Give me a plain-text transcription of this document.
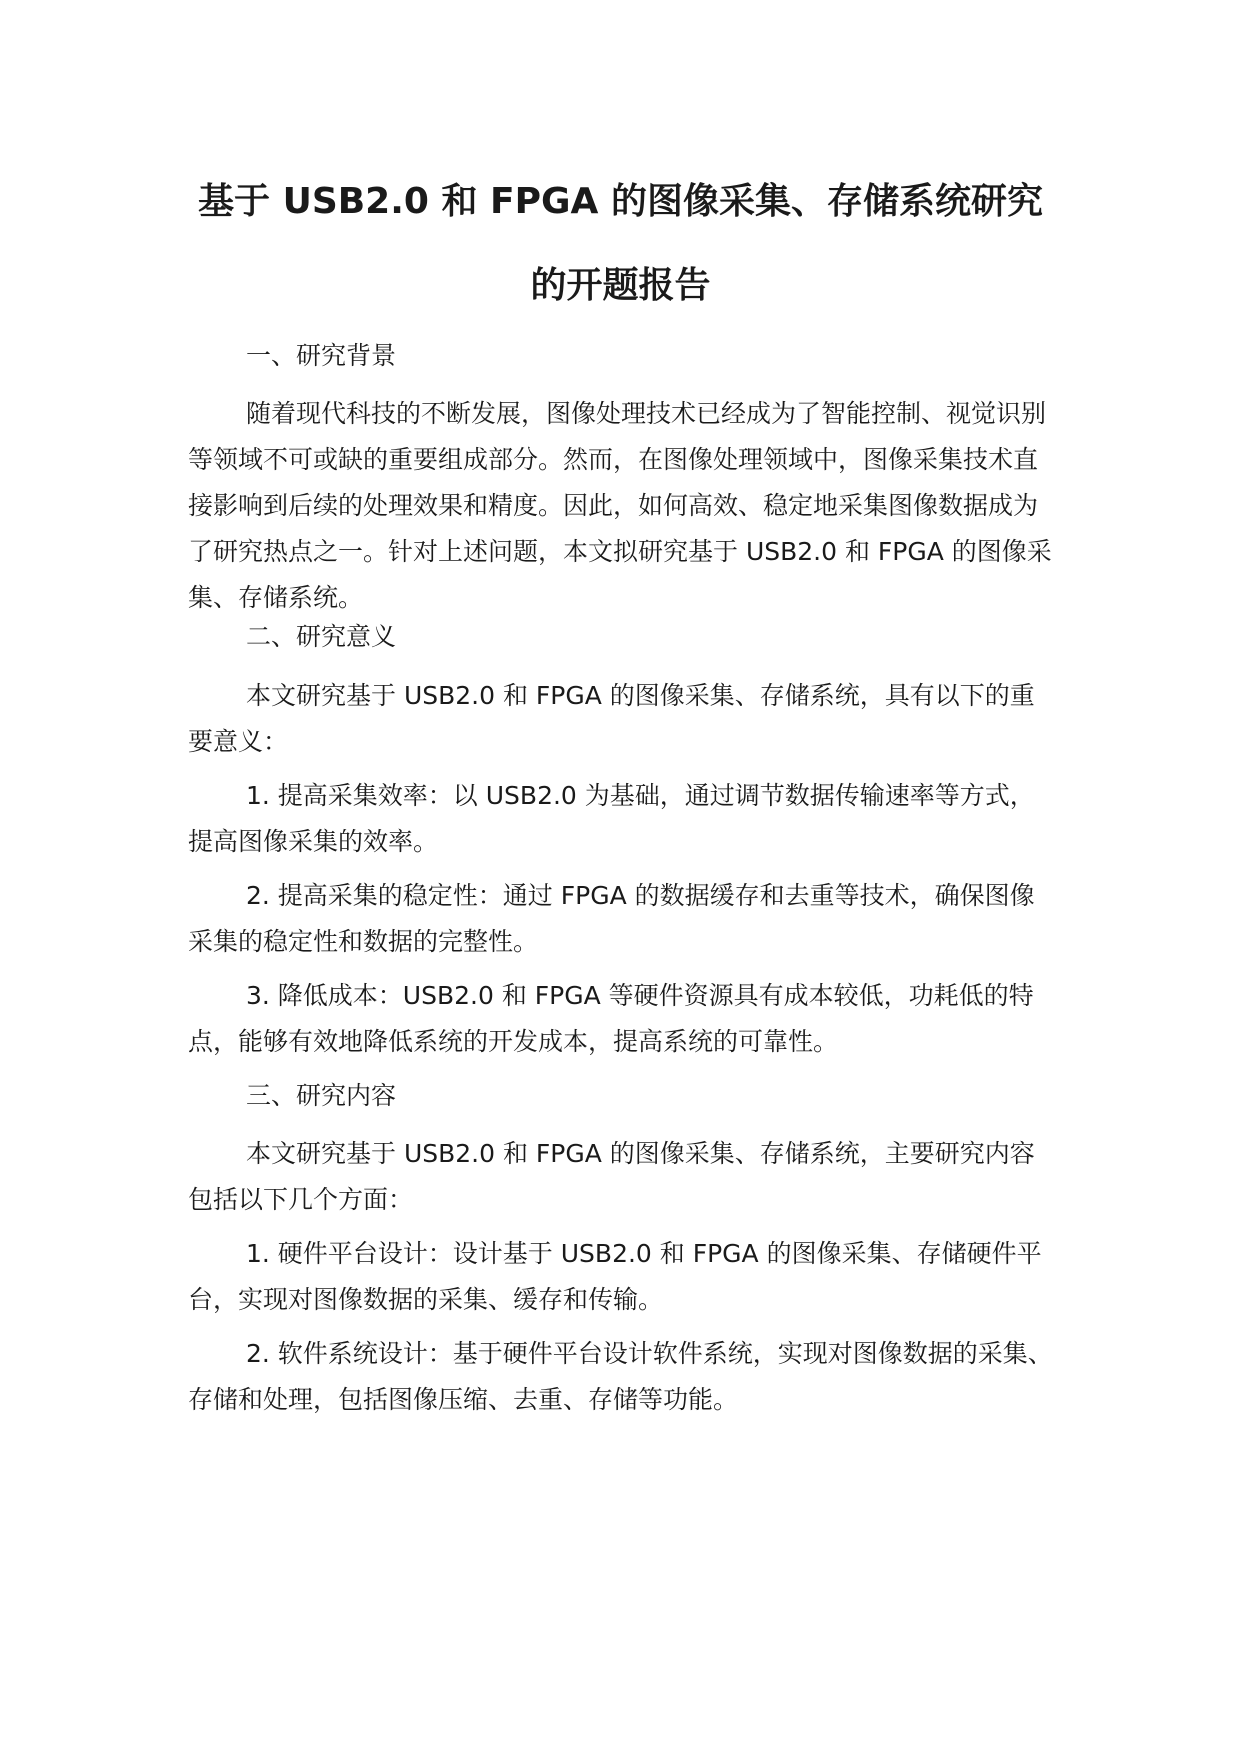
基于 USB2.0 和 FPGA 的图像采集、存储系统研究
的开题报告

一、研究背景

随着现代科技的不断发展，图像处理技术已经成为了智能控制、视觉识别等领域不可或缺的重要组成部分。然而，在图像处理领域中，图像采集技术直接影响到后续的处理效果和精度。因此，如何高效、稳定地采集图像数据成为了研究热点之一。针对上述问题，本文拟研究基于 USB2.0 和 FPGA 的图像采集、存储系统。

二、研究意义

本文研究基于 USB2.0 和 FPGA 的图像采集、存储系统，具有以下的重要意义：

1. 提高采集效率：以 USB2.0 为基础，通过调节数据传输速率等方式，提高图像采集的效率。

2. 提高采集的稳定性：通过 FPGA 的数据缓存和去重等技术，确保图像采集的稳定性和数据的完整性。

3. 降低成本：USB2.0 和 FPGA 等硬件资源具有成本较低，功耗低的特点，能够有效地降低系统的开发成本，提高系统的可靠性。

三、研究内容

本文研究基于 USB2.0 和 FPGA 的图像采集、存储系统，主要研究内容包括以下几个方面：

1. 硬件平台设计：设计基于 USB2.0 和 FPGA 的图像采集、存储硬件平台，实现对图像数据的采集、缓存和传输。

2. 软件系统设计：基于硬件平台设计软件系统，实现对图像数据的采集、存储和处理，包括图像压缩、去重、存储等功能。
